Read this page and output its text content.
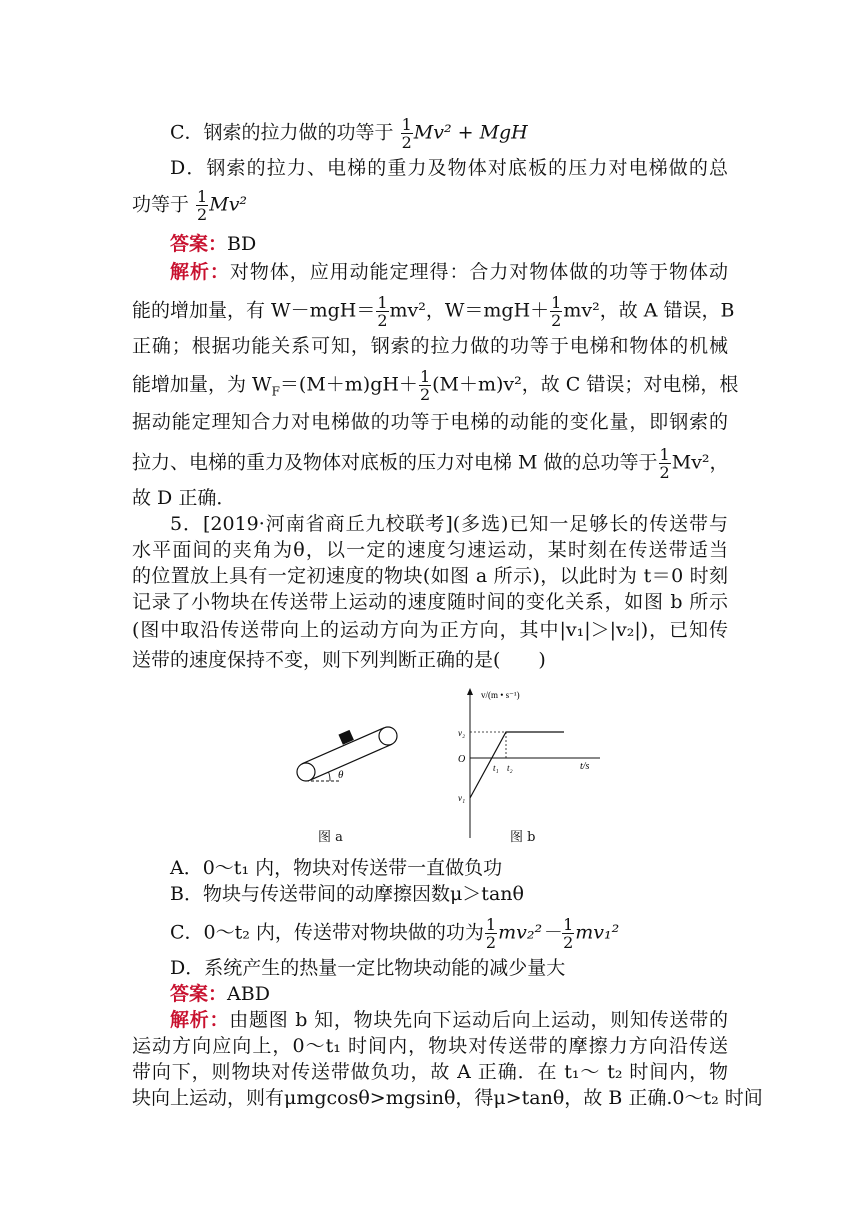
C．钢索的拉力做的功等于 $\frac{1}{2} Mv^2$ + MgH
D．钢索的拉力、电梯的重力及物体对底板的压力对电梯做的总
功等于 $\frac{1}{2} Mv^2$
答案：BD
解析：对物体，应用动能定理得：合力对物体做的功等于物体动
能的增加量，有 $W-mgH= \frac{1}{2} mv^2$，$W=mgH+ \frac{1}{2} mv^2$，故 A 错误，B
正确；根据功能关系可知，钢索的拉力做的功等于电梯和物体的机械
能增加量，为 $W_F=(M+m)gH+ \frac{1}{2} (M+m)v^2$，故 C 错误；对电梯，根
据动能定理知合力对电梯做的功等于电梯的动能的变化量，即钢索的
拉力、电梯的重力及物体对底板的压力对电梯 M 做的总功等于 $\frac{1}{2} Mv^2$，
故 D 正确．
5．[2019·河南省商丘九校联考](多选)已知一足够长的传送带与
水平面间的夹角为θ，以一定的速度匀速运动，某时刻在传送带适当
的位置放上具有一定初速度的物块(如图 a 所示)，以此时为 t＝0 时刻
记录了小物块在传送带上运动的速度随时间的变化关系，如图 b 所示
(图中取沿传送带向上的运动方向为正方向，其中|v₁|＞|v₂|)，已知传
送带的速度保持不变，则下列判断正确的是(　　)
θ
v/(m • s⁻¹)
t/s
O
v₂
v₁
t₁ t₂
图 a	图 b
A．0～t₁ 内，物块对传送带一直做负功
B．物块与传送带间的动摩擦因数μ＞tanθ
C．0～t₂ 内，传送带对物块做的功为 $\frac{1}{2} mv_2^2- \frac{1}{2} mv_1^2$
D．系统产生的热量一定比物块动能的减少量大
答案：ABD
解析：由题图 b 知，物块先向下运动后向上运动，则知传送带的
运动方向应向上，0～t₁ 时间内，物块对传送带的摩擦力方向沿传送
带向下，则物块对传送带做负功，故 A 正确．在 t₁～ t₂ 时间内，物
块向上运动，则有μmgcosθ>mgsinθ，得μ>tanθ，故 B 正确.0～t₂ 时间
